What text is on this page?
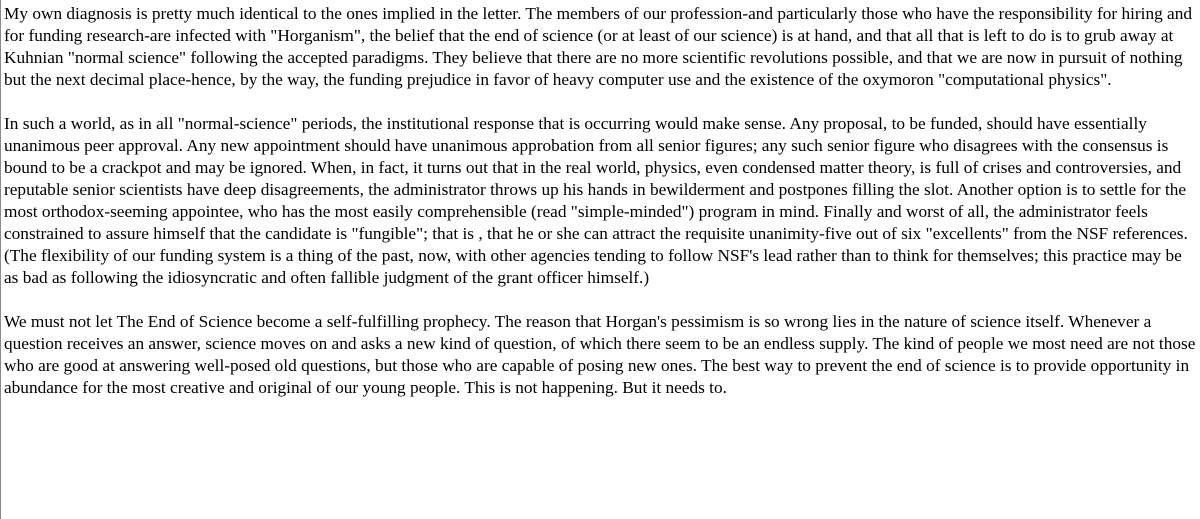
My own diagnosis is pretty much identical to the ones implied in the letter. The members of our profession-and particularly those who have the responsibility for hiring and for funding research-are infected with "Horganism", the belief that the end of science (or at least of our science) is at hand, and that all that is left to do is to grub away at Kuhnian "normal science" following the accepted paradigms. They believe that there are no more scientific revolutions possible, and that we are now in pursuit of nothing but the next decimal place-hence, by the way, the funding prejudice in favor of heavy computer use and the existence of the oxymoron "computational physics".

In such a world, as in all "normal-science" periods, the institutional response that is occurring would make sense. Any proposal, to be funded, should have essentially unanimous peer approval. Any new appointment should have unanimous approbation from all senior figures; any such senior figure who disagrees with the consensus is bound to be a crackpot and may be ignored. When, in fact, it turns out that in the real world, physics, even condensed matter theory, is full of crises and controversies, and reputable senior scientists have deep disagreements, the administrator throws up his hands in bewilderment and postpones filling the slot. Another option is to settle for the most orthodox-seeming appointee, who has the most easily comprehensible (read "simple-minded") program in mind. Finally and worst of all, the administrator feels constrained to assure himself that the candidate is "fungible"; that is , that he or she can attract the requisite unanimity-five out of six "excellents" from the NSF references. (The flexibility of our funding system is a thing of the past, now, with other agencies tending to follow NSF's lead rather than to think for themselves; this practice may be as bad as following the idiosyncratic and often fallible judgment of the grant officer himself.)

We must not let The End of Science become a self-fulfilling prophecy. The reason that Horgan's pessimism is so wrong lies in the nature of science itself. Whenever a question receives an answer, science moves on and asks a new kind of question, of which there seem to be an endless supply. The kind of people we most need are not those who are good at answering well-posed old questions, but those who are capable of posing new ones. The best way to prevent the end of science is to provide opportunity in abundance for the most creative and original of our young people. This is not happening. But it needs to.
